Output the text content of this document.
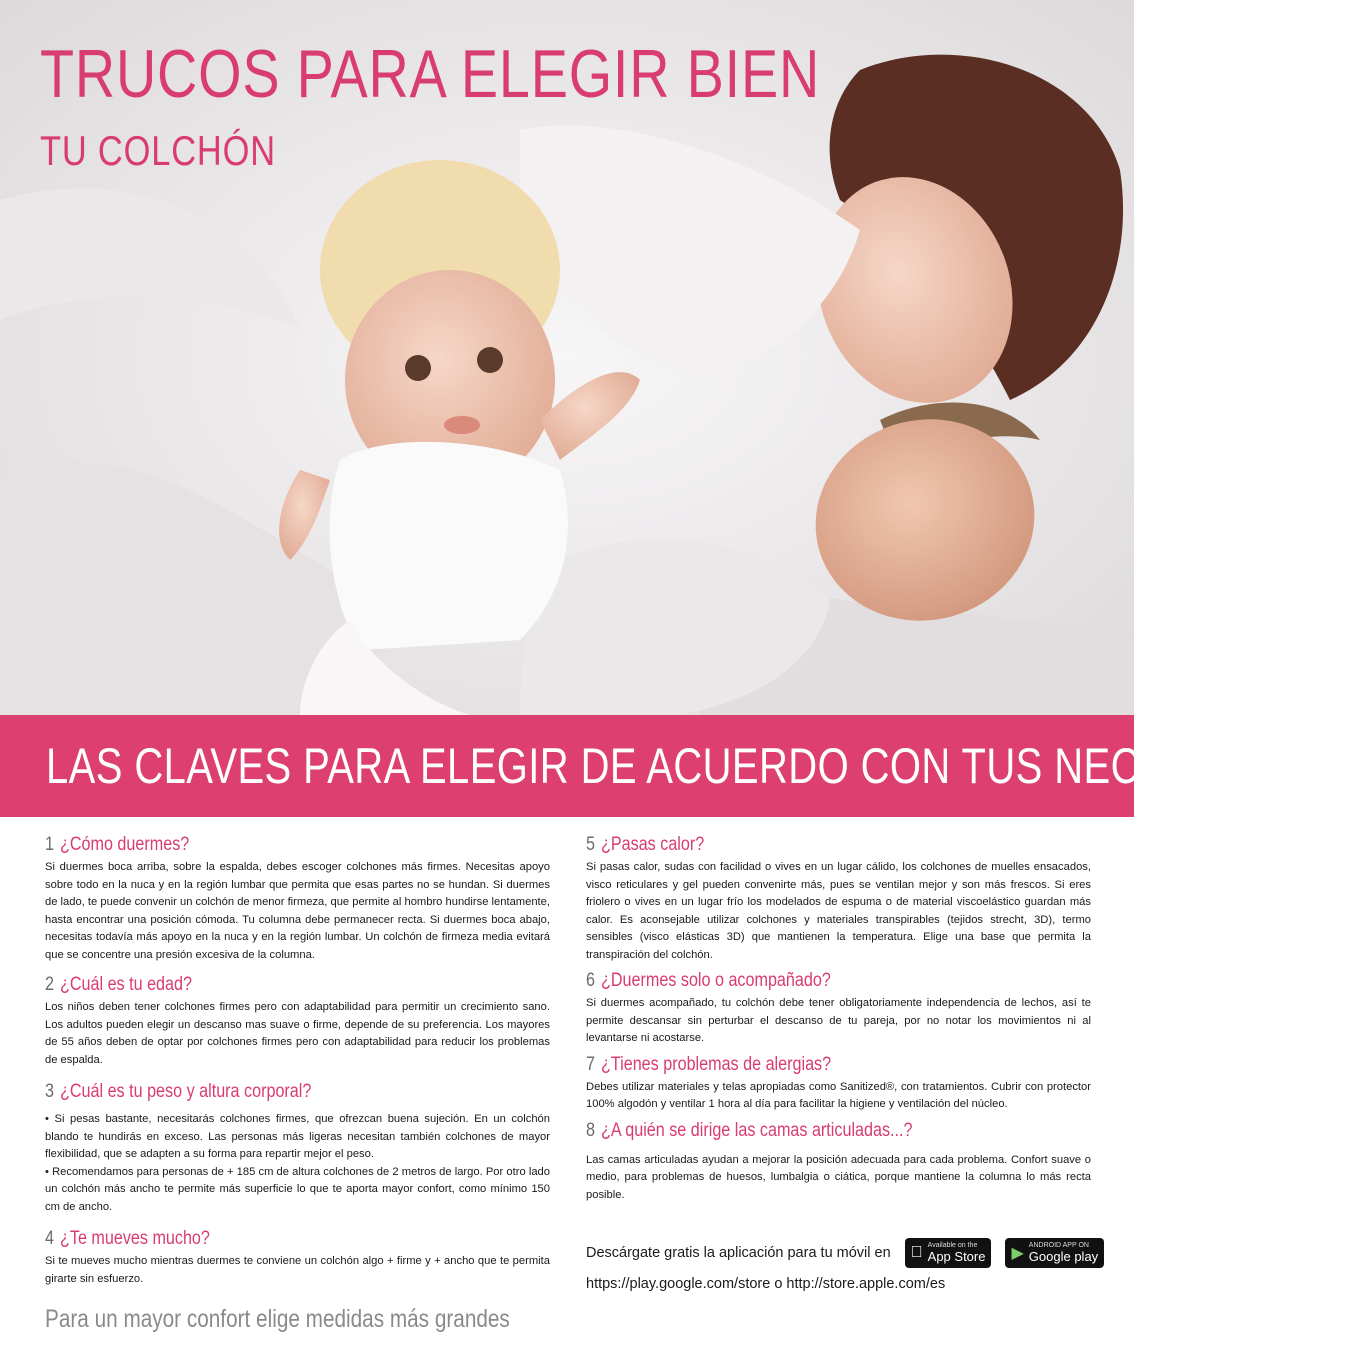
TRUCOS PARA ELEGIR BIEN
TU COLCHÓN
LAS CLAVES PARA ELEGIR DE ACUERDO CON TUS NECESIDADES
1 ¿Cómo duermes?

Si duermes boca arriba, sobre la espalda, debes escoger colchones más firmes. Necesitas apoyo sobre todo en la nuca y en la región lumbar que permita que esas partes no se hundan. Si duermes de lado, te puede convenir un colchón de menor firmeza, que permite al hombro hundirse lentamente, hasta encontrar una posición cómoda. Tu columna debe permanecer recta. Si duermes boca abajo, necesitas todavía más apoyo en la nuca y en la región lumbar. Un colchón de firmeza media evitará que se concentre una presión excesiva de la columna.

2 ¿Cuál es tu edad?

Los niños deben tener colchones firmes pero con adaptabilidad para permitir un crecimiento sano. Los adultos pueden elegir un descanso mas suave o firme, depende de su preferencia. Los mayores de 55 años deben de optar por colchones firmes pero con adaptabilidad para reducir los problemas de espalda.

3 ¿Cuál es tu peso y altura corporal?

• Si pesas bastante, necesitarás colchones firmes, que ofrezcan buena sujeción. En un colchón blando te hundirás en exceso. Las personas más ligeras necesitan también colchones de mayor flexibilidad, que se adapten a su forma para repartir mejor el peso.

• Recomendamos para personas de + 185 cm de altura colchones de 2 metros de largo. Por otro lado un colchón más ancho te permite más superficie lo que te aporta mayor confort, como mínimo 150 cm de ancho.

4 ¿Te mueves mucho?

Si te mueves mucho mientras duermes te conviene un colchón algo + firme y + ancho que te permita girarte sin esfuerzo.

5 ¿Pasas calor?

Si pasas calor, sudas con facilidad o vives en un lugar cálido, los colchones de muelles ensacados, visco reticulares y gel pueden convenirte más, pues se ventilan mejor y son más frescos. Si eres friolero o vives en un lugar frío los modelados de espuma o de material viscoelástico guardan más calor. Es aconsejable utilizar colchones y materiales transpirables (tejidos strecht, 3D), termo sensibles (visco elásticas 3D) que mantienen la temperatura. Elige una base que permita la transpiración del colchón.

6 ¿Duermes solo o acompañado?

Si duermes acompañado, tu colchón debe tener obligatoriamente independencia de lechos, así te permite descansar sin perturbar el descanso de tu pareja, por no notar los movimientos ni al levantarse ni acostarse.

7 ¿Tienes problemas de alergias?

Debes utilizar materiales y telas apropiadas como Sanitized®, con tratamientos. Cubrir con protector 100% algodón y ventilar 1 hora al día para facilitar la higiene y ventilación del núcleo.

8 ¿A quién se dirige las camas articuladas...?

Las camas articuladas ayudan a mejorar la posición adecuada para cada problema. Confort suave o medio, para problemas de huesos, lumbalgia o ciática, porque mantiene la columna lo más recta posible.

Descárgate gratis la aplicación para tu móvil en	Available on the
App Store ▶ ANDROID APP ON
Google play
https://play.google.com/store o http://store.apple.com/es
Para un mayor confort elige medidas más grandes
